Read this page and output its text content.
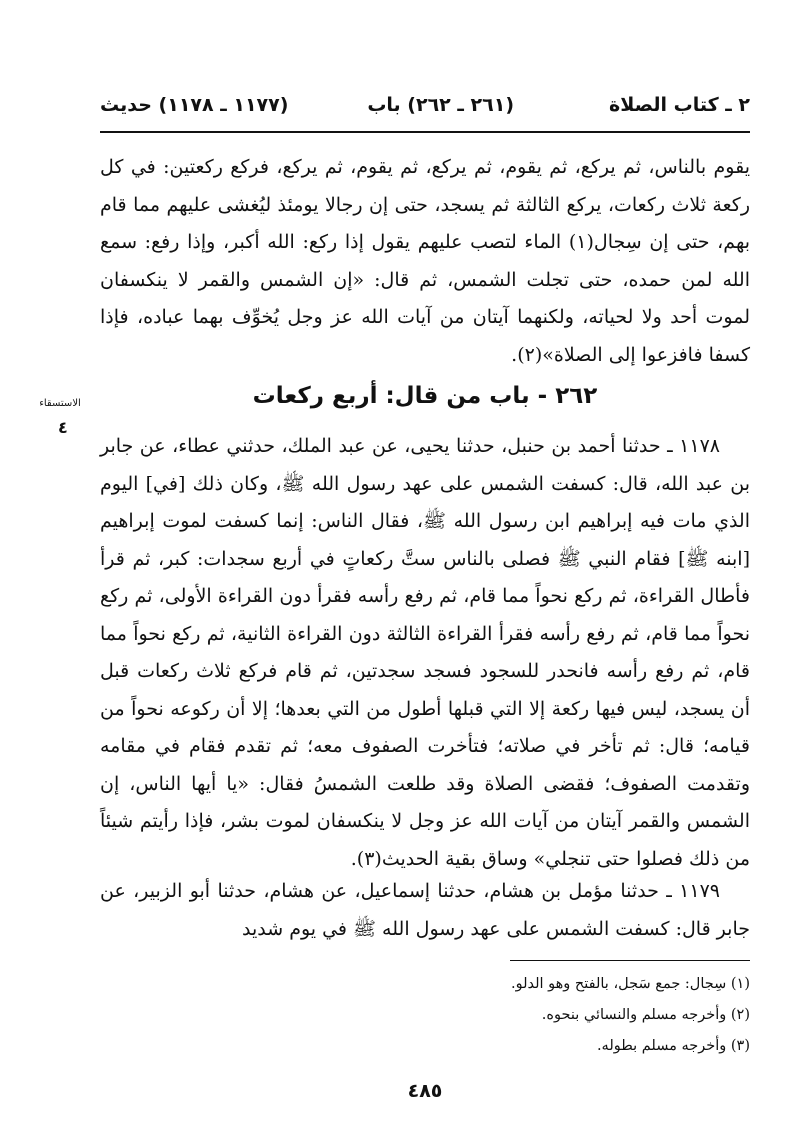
٢ ـ كتاب الصلاة
(٢٦١ ـ ٢٦٢) باب
(١١٧٧ ـ ١١٧٨) حديث

يقوم بالناس، ثم يركع، ثم يقوم، ثم يركع، ثم يقوم، ثم يركع، فركع ركعتين: في كل ركعة ثلاث ركعات، يركع الثالثة ثم يسجد، حتى إن رجالا يومئذ ليُغشى عليهم مما قام بهم، حتى إن سِجال(١) الماء لتصب عليهم يقول إذا ركع: الله أكبر، وإذا رفع: سمع الله لمن حمده، حتى تجلت الشمس، ثم قال: «إن الشمس والقمر لا ينكسفان لموت أحد ولا لحياته، ولكنهما آيتان من آيات الله عز وجل يُخوِّف بهما عباده، فإذا كسفا فافزعوا إلى الصلاة»(٢).

٢٦٢ - باب من قال: أربع ركعات
الاستسقاء
٤

١١٧٨ ـ حدثنا أحمد بن حنبل، حدثنا يحيى، عن عبد الملك، حدثني عطاء، عن جابر بن عبد الله، قال: كسفت الشمس على عهد رسول الله ﷺ، وكان ذلك [في] اليوم الذي مات فيه إبراهيم ابن رسول الله ﷺ، فقال الناس: إنما كسفت لموت إبراهيم [ابنه ﷺ] فقام النبي ﷺ فصلى بالناس ستَّ ركعاتٍ في أربع سجدات: كبر، ثم قرأ فأطال القراءة، ثم ركع نحواً مما قام، ثم رفع رأسه فقرأ دون القراءة الأولى، ثم ركع نحواً مما قام، ثم رفع رأسه فقرأ القراءة الثالثة دون القراءة الثانية، ثم ركع نحواً مما قام، ثم رفع رأسه فانحدر للسجود فسجد سجدتين، ثم قام فركع ثلاث ركعات قبل أن يسجد، ليس فيها ركعة إلا التي قبلها أطول من التي بعدها؛ إلا أن ركوعه نحواً من قيامه؛ قال: ثم تأخر في صلاته؛ فتأخرت الصفوف معه؛ ثم تقدم فقام في مقامه وتقدمت الصفوف؛ فقضى الصلاة وقد طلعت الشمسُ فقال: «يا أيها الناس، إن الشمس والقمر آيتان من آيات الله عز وجل لا ينكسفان لموت بشر، فإذا رأيتم شيئاً من ذلك فصلوا حتى تنجلي» وساق بقية الحديث(٣).

١١٧٩ ـ حدثنا مؤمل بن هشام، حدثنا إسماعيل، عن هشام، حدثنا أبو الزبير، عن جابر قال: كسفت الشمس على عهد رسول الله ﷺ في يوم شديد

(١) سِجال: جمع سَجل، بالفتح وهو الدلو.

(٢) وأخرجه مسلم والنسائي بنحوه.

(٣) وأخرجه مسلم بطوله.

٤٨٥
